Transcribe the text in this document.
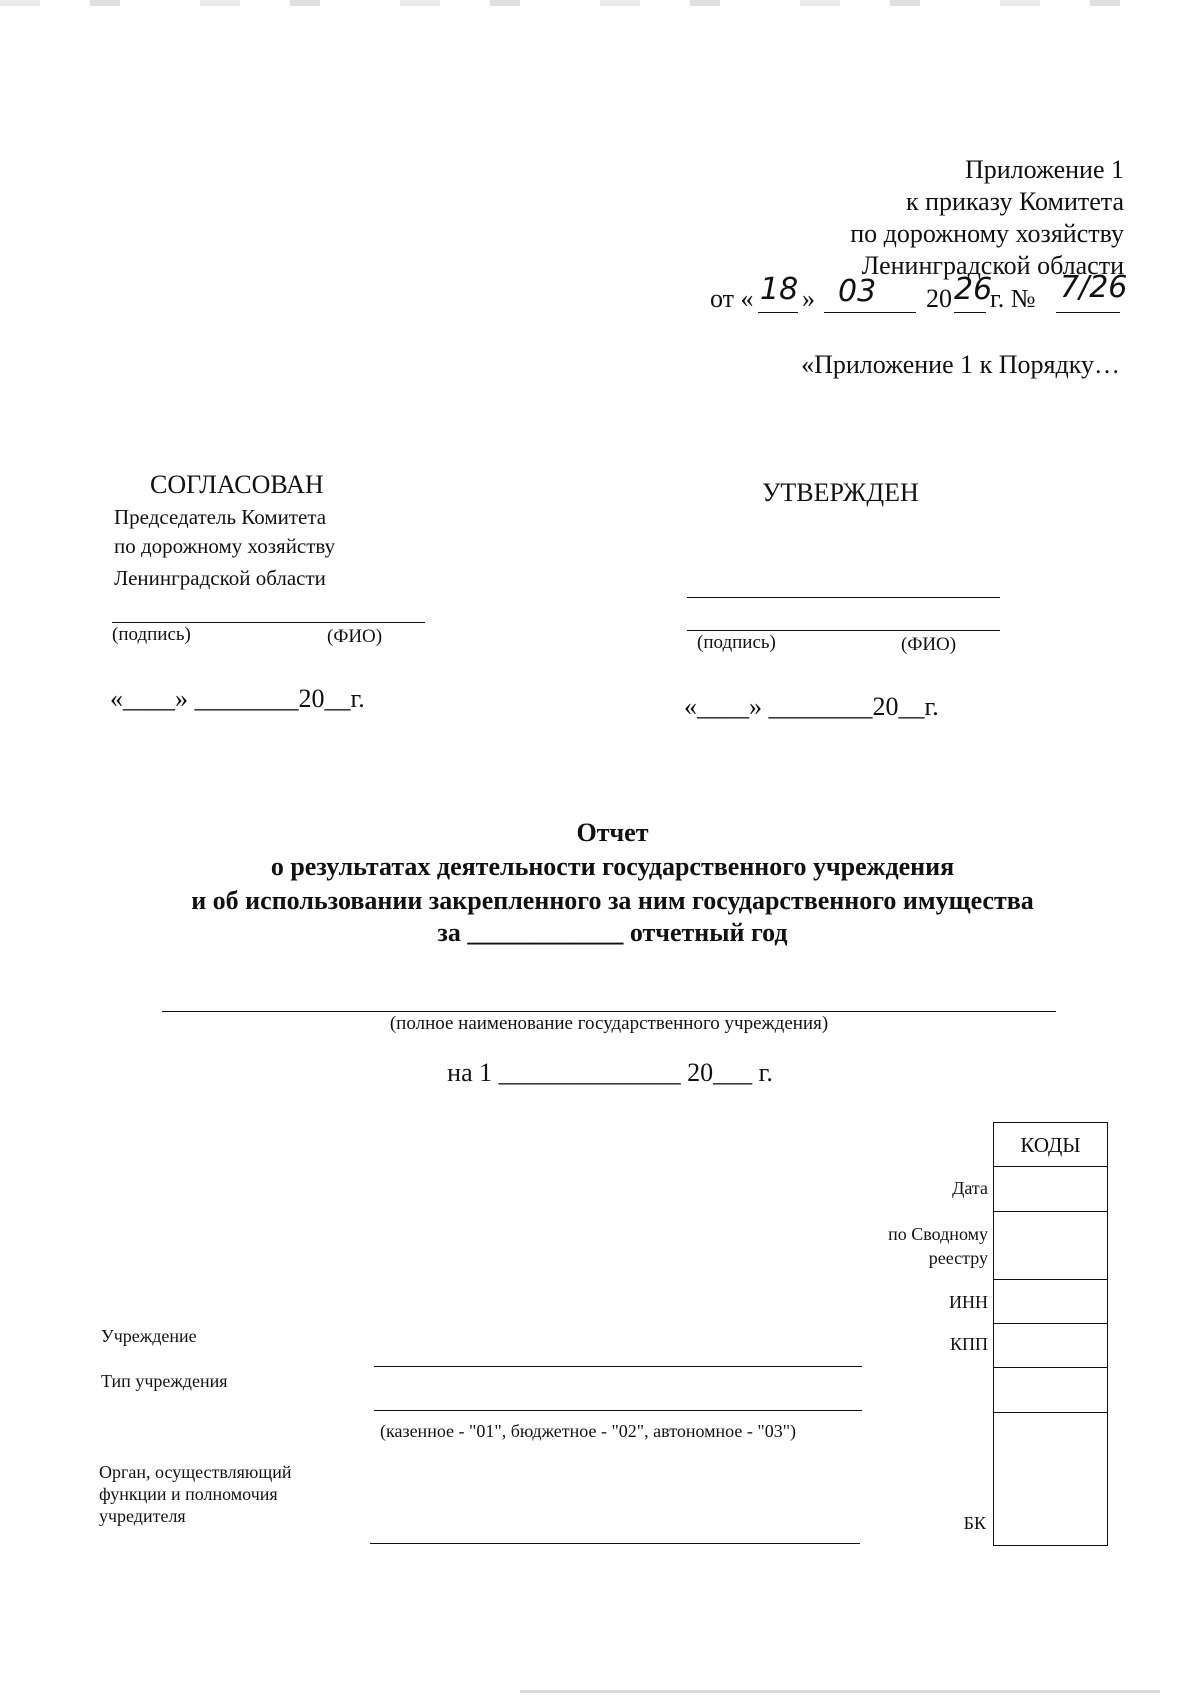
Приложение 1
к приказу Комитета
по дорожному хозяйству
Ленинградской области
от « 18 » 03 20 26
г. № 7/26
«Приложение 1 к Порядку…
СОГЛАСОВАН
Председатель Комитета
по дорожному хозяйству
Ленинградской области
(подпись)	(ФИО)
«____» ________20__г.
УТВЕРЖДЕН
(подпись)	(ФИО)
«____» ________20__г.
Отчет
о результатах деятельности государственного учреждения
и об использовании закрепленного за ним государственного имущества
за ____________ отчетный год
(полное наименование государственного учреждения)
на 1 ______________ 20___ г.
КОДЫ
Дата
по Сводному
реестру
ИНН
КПП
БК
Учреждение
Тип учреждения
(казенное - "01", бюджетное - "02", автономное - "03")
Орган, осуществляющий
функции и полномочия
учредителя
